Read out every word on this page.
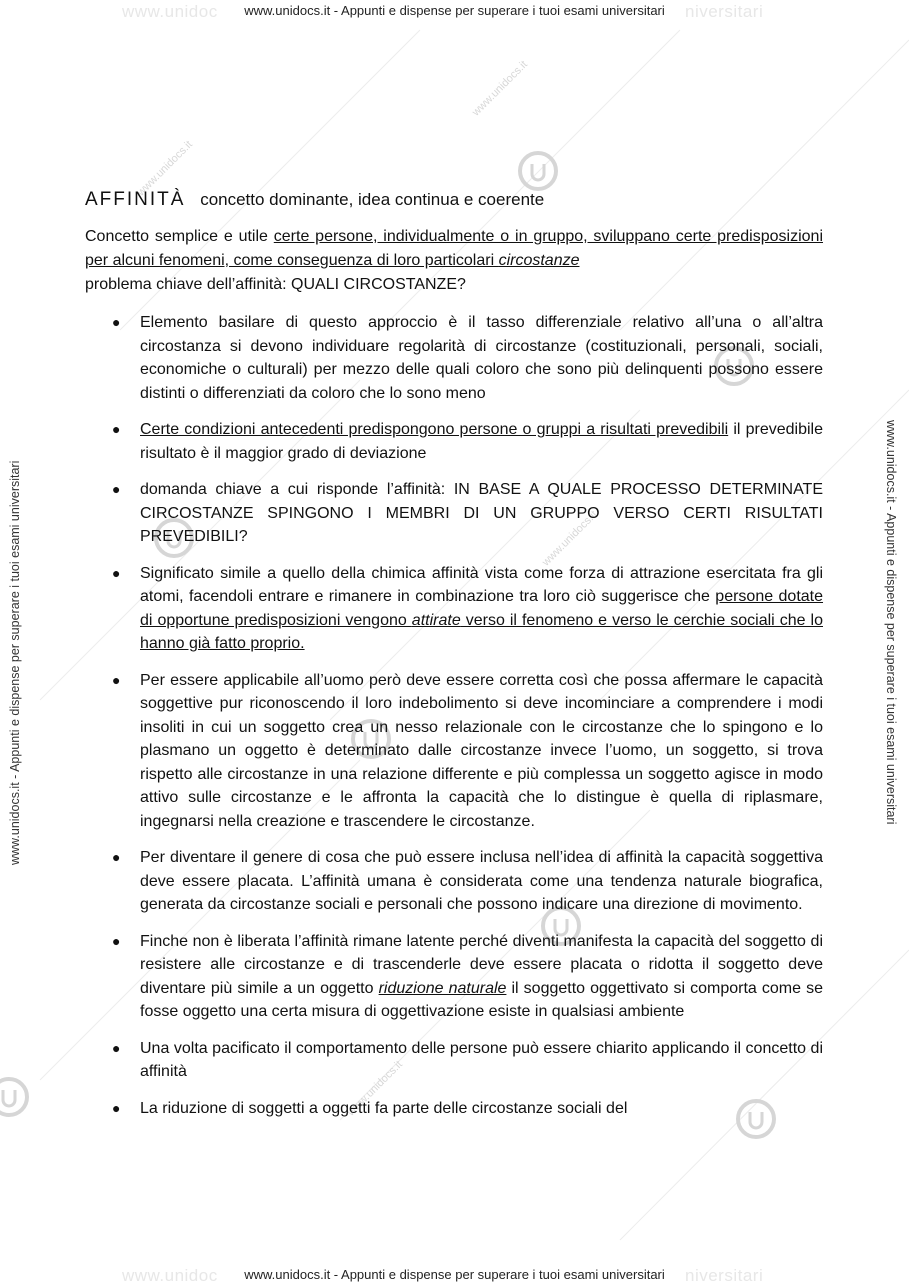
www.unidoc	niversitari
www.unidoc	niversitari
www.unidocs.it - Appunti e dispense per superare i tuoi esami universitari
www.unidocs.it - Appunti e dispense per superare i tuoi esami universitari
www.unidocs.it - Appunti e dispense per superare i tuoi esami universitari	www.unidocs.it - Appunti e dispense per superare i tuoi esami universitari
www.unidocs.it
www.unidocs.it
www.unidocs.it
www.unidocs.it
AFFINITÀ concetto dominante, idea continua e coerente
Concetto semplice e utile certe persone, individualmente o in gruppo, sviluppano certe predisposizioni per alcuni fenomeni, come conseguenza di loro particolari circostanze
problema chiave dell’affinità: QUALI CIRCOSTANZE?
● Elemento basilare di questo approccio è il tasso differenziale relativo all’una o all’altra circostanza si devono individuare regolarità di circostanze (costituzionali, personali, sociali, economiche o culturali) per mezzo delle quali coloro che sono più delinquenti possono essere distinti o differenziati da coloro che lo sono meno
● Certe condizioni antecedenti predispongono persone o gruppi a risultati prevedibili il prevedibile risultato è il maggior grado di deviazione
● domanda chiave a cui risponde l’affinità: IN BASE A QUALE PROCESSO DETERMINATE CIRCOSTANZE SPINGONO I MEMBRI DI UN GRUPPO VERSO CERTI RISULTATI PREVEDIBILI?
● Significato simile a quello della chimica affinità vista come forza di attrazione esercitata fra gli atomi, facendoli entrare e rimanere in combinazione tra loro ciò suggerisce che persone dotate di opportune predisposizioni vengono attirate verso il fenomeno e verso le cerchie sociali che lo hanno già fatto proprio.
● Per essere applicabile all’uomo però deve essere corretta così che possa affermare le capacità soggettive pur riconoscendo il loro indebolimento si deve incominciare a comprendere i modi insoliti in cui un soggetto crea un nesso relazionale con le circostanze che lo spingono e lo plasmano un oggetto è determinato dalle circostanze invece l’uomo, un soggetto, si trova rispetto alle circostanze in una relazione differente e più complessa un soggetto agisce in modo attivo sulle circostanze e le affronta la capacità che lo distingue è quella di riplasmare, ingegnarsi nella creazione e trascendere le circostanze.
● Per diventare il genere di cosa che può essere inclusa nell’idea di affinità la capacità soggettiva deve essere placata. L’affinità umana è considerata come una tendenza naturale biografica, generata da circostanze sociali e personali che possono indicare una direzione di movimento.
● Finche non è liberata l’affinità rimane latente perché diventi manifesta la capacità del soggetto di resistere alle circostanze e di trascenderle deve essere placata o ridotta il soggetto deve diventare più simile a un oggetto riduzione naturale il soggetto oggettivato si comporta come se fosse oggetto una certa misura di oggettivazione esiste in qualsiasi ambiente
● Una volta pacificato il comportamento delle persone può essere chiarito applicando il concetto di affinità
● La riduzione di soggetti a oggetti fa parte delle circostanze sociali del
